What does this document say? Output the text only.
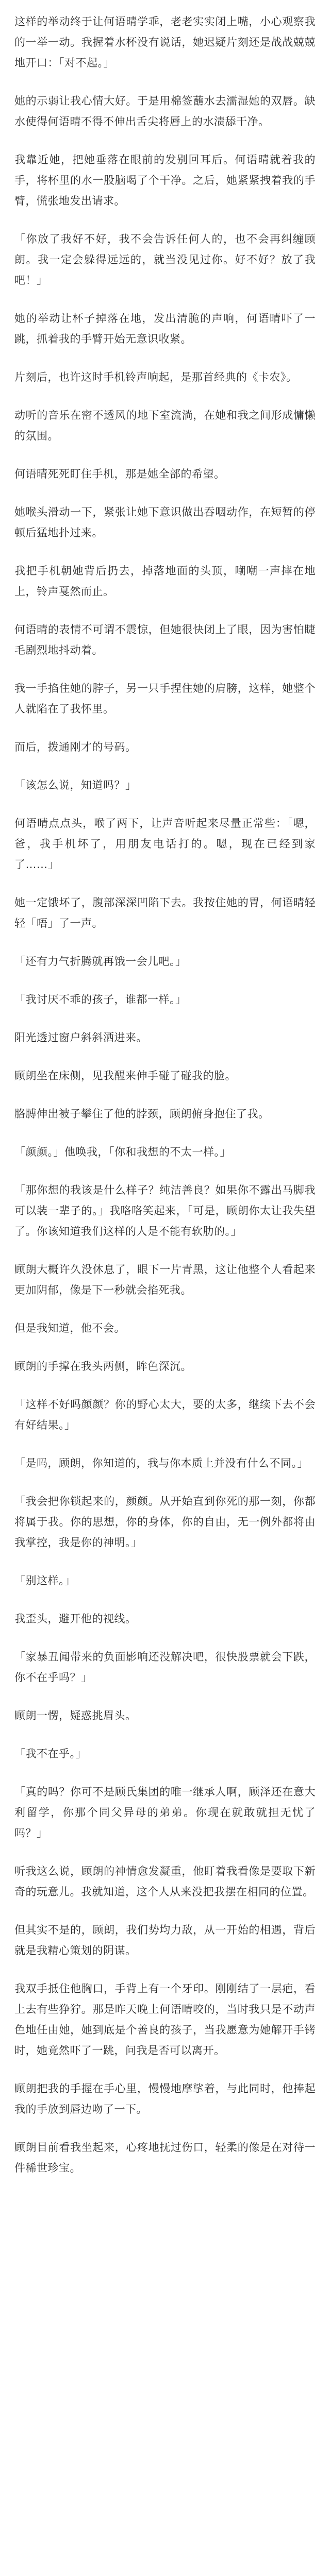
这样的举动终于让何语晴学乖，老老实实闭上嘴，小心观察我的一举一动。我握着水杯没有说话，她迟疑片刻还是战战兢兢地开口：「对不起。」

她的示弱让我心情大好。于是用棉签蘸水去濡湿她的双唇。缺水使得何语晴不得不伸出舌尖将唇上的水渍舔干净。

我靠近她，把她垂落在眼前的发别回耳后。何语晴就着我的手，将杯里的水一股脑喝了个干净。之后，她紧紧拽着我的手臂，慌张地发出请求。

「你放了我好不好，我不会告诉任何人的，也不会再纠缠顾朗。我一定会躲得远远的，就当没见过你。好不好？放了我吧！」

她的举动让杯子掉落在地，发出清脆的声响，何语晴吓了一跳，抓着我的手臂开始无意识收紧。

片刻后，也许这时手机铃声响起，是那首经典的《卡农》。

动听的音乐在密不透风的地下室流淌，在她和我之间形成慵懒的氛围。

何语晴死死盯住手机，那是她全部的希望。

她喉头滑动一下，紧张让她下意识做出吞咽动作，在短暂的停顿后猛地扑过来。

我把手机朝她背后扔去，掉落地面的头顶，嘲嘲一声摔在地上，铃声戛然而止。

何语晴的表情不可谓不震惊，但她很快闭上了眼，因为害怕睫毛剧烈地抖动着。

我一手掐住她的脖子，另一只手捏住她的肩膀，这样，她整个人就陷在了我怀里。

而后，拨通刚才的号码。

「该怎么说，知道吗？」

何语晴点点头，喉了两下，让声音听起来尽量正常些：「嗯，爸，我手机坏了，用朋友电话打的。嗯，现在已经到家了……」

她一定饿坏了，腹部深深凹陷下去。我按住她的胃，何语晴轻轻「唔」了一声。

「还有力气折腾就再饿一会儿吧。」

「我讨厌不乖的孩子，谁都一样。」

阳光透过窗户斜斜洒进来。

顾朗坐在床侧，见我醒来伸手碰了碰我的脸。

胳膊伸出被子攀住了他的脖颈，顾朗俯身抱住了我。

「颜颜。」他唤我，「你和我想的不太一样。」

「那你想的我该是什么样子？纯洁善良？如果你不露出马脚我可以装一辈子的。」我咯咯笑起来，「可是，顾朗你太让我失望了。你该知道我们这样的人是不能有软肋的。」

顾朗大概许久没休息了，眼下一片青黑，这让他整个人看起来更加阴郁，像是下一秒就会掐死我。

但是我知道，他不会。

顾朗的手撑在我头两侧，眸色深沉。

「这样不好吗颜颜？你的野心太大，要的太多，继续下去不会有好结果。」

「是吗，顾朗，你知道的，我与你本质上并没有什么不同。」

「我会把你锁起来的，颜颜。从开始直到你死的那一刻，你都将属于我。你的思想，你的身体，你的自由，无一例外都将由我掌控，我是你的神明。」

「别这样。」

我歪头，避开他的视线。

「家暴丑闻带来的负面影响还没解决吧，很快股票就会下跌，你不在乎吗？」

顾朗一愣，疑惑挑眉头。

「我不在乎。」

「真的吗？你可不是顾氏集团的唯一继承人啊，顾泽还在意大利留学，你那个同父异母的弟弟。你现在就敢就担无忧了吗？」

听我这么说，顾朗的神情愈发凝重，他盯着我看像是要取下新奇的玩意儿。我就知道，这个人从来没把我摆在相同的位置。

但其实不是的，顾朗，我们势均力敌，从一开始的相遇，背后就是我精心策划的阴谋。

我双手抵住他胸口，手背上有一个牙印。刚刚结了一层疤，看上去有些狰狞。那是昨天晚上何语晴咬的，当时我只是不动声色地任由她，她到底是个善良的孩子，当我愿意为她解开手铐时，她竟然吓了一跳，问我是否可以离开。

顾朗把我的手握在手心里，慢慢地摩挲着，与此同时，他捧起我的手放到唇边吻了一下。

顾朗目前看我坐起来，心疼地抚过伤口，轻柔的像是在对待一件稀世珍宝。
